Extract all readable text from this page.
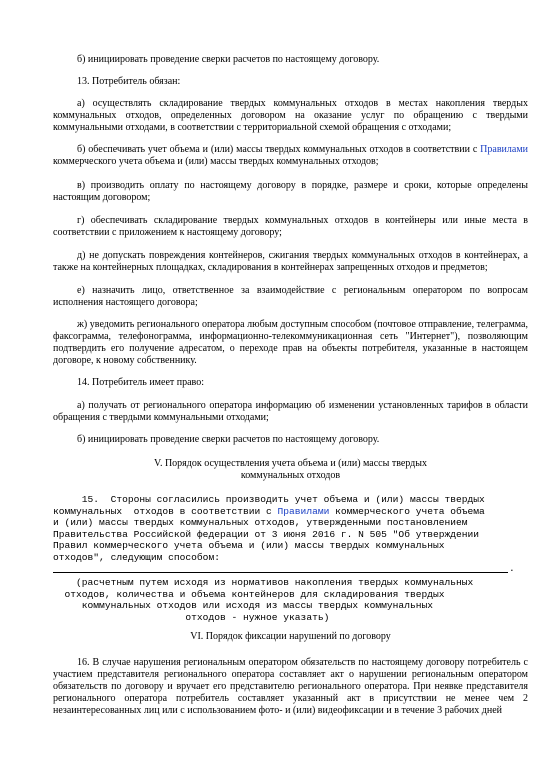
б) инициировать проведение сверки расчетов по настоящему договору.

13. Потребитель обязан:

а) осуществлять складирование твердых коммунальных отходов в местах накопления твердых коммунальных отходов, определенных договором на оказание услуг по обращению с твердыми коммунальными отходами, в соответствии с территориальной схемой обращения с отходами;

б) обеспечивать учет объема и (или) массы твердых коммунальных отходов в соответствии с Правилами коммерческого учета объема и (или) массы твердых коммунальных отходов;

в) производить оплату по настоящему договору в порядке, размере и сроки, которые определены настоящим договором;

г) обеспечивать складирование твердых коммунальных отходов в контейнеры или иные места в соответствии с приложением к настоящему договору;

д) не допускать повреждения контейнеров, сжигания твердых коммунальных отходов в контейнерах, а также на контейнерных площадках, складирования в контейнерах запрещенных отходов и предметов;

е) назначить лицо, ответственное за взаимодействие с региональным оператором по вопросам исполнения настоящего договора;

ж) уведомить регионального оператора любым доступным способом (почтовое отправление, телеграмма, факсограмма, телефонограмма, информационно-телекоммуникационная сеть "Интернет"), позволяющим подтвердить его получение адресатом, о переходе прав на объекты потребителя, указанные в настоящем договоре, к новому собственнику.

14. Потребитель имеет право:

а) получать от регионального оператора информацию об изменении установленных тарифов в области обращения с твердыми коммунальными отходами;

б) инициировать проведение сверки расчетов по настоящему договору.

V. Порядок осуществления учета объема и (или) массы твердых
коммунальных отходов
15.  Стороны согласились производить учет объема и (или) массы твердых
коммунальных  отходов в соответствии с Правилами коммерческого учета объема
и (или) массы твердых коммунальных отходов, утвержденными постановлением
Правительства Российской федерации от 3 июня 2016 г. N 505 "Об утверждении
Правил коммерческого учета объема и (или) массы твердых коммунальных
отходов", следующим способом:
.
(расчетным путем исходя из нормативов накопления твердых коммунальных
отходов, количества и объема контейнеров для складирования твердых
коммунальных отходов или исходя из массы твердых коммунальных
отходов - нужное указать)
VI. Порядок фиксации нарушений по договору

16. В случае нарушения региональным оператором обязательств по настоящему договору потребитель с участием представителя регионального оператора составляет акт о нарушении региональным оператором обязательств по договору и вручает его представителю регионального оператора. При неявке представителя регионального оператора потребитель составляет указанный акт в присутствии не менее чем 2 незаинтересованных лиц или с использованием фото- и (или) видеофиксации и в течение 3 рабочих дней
